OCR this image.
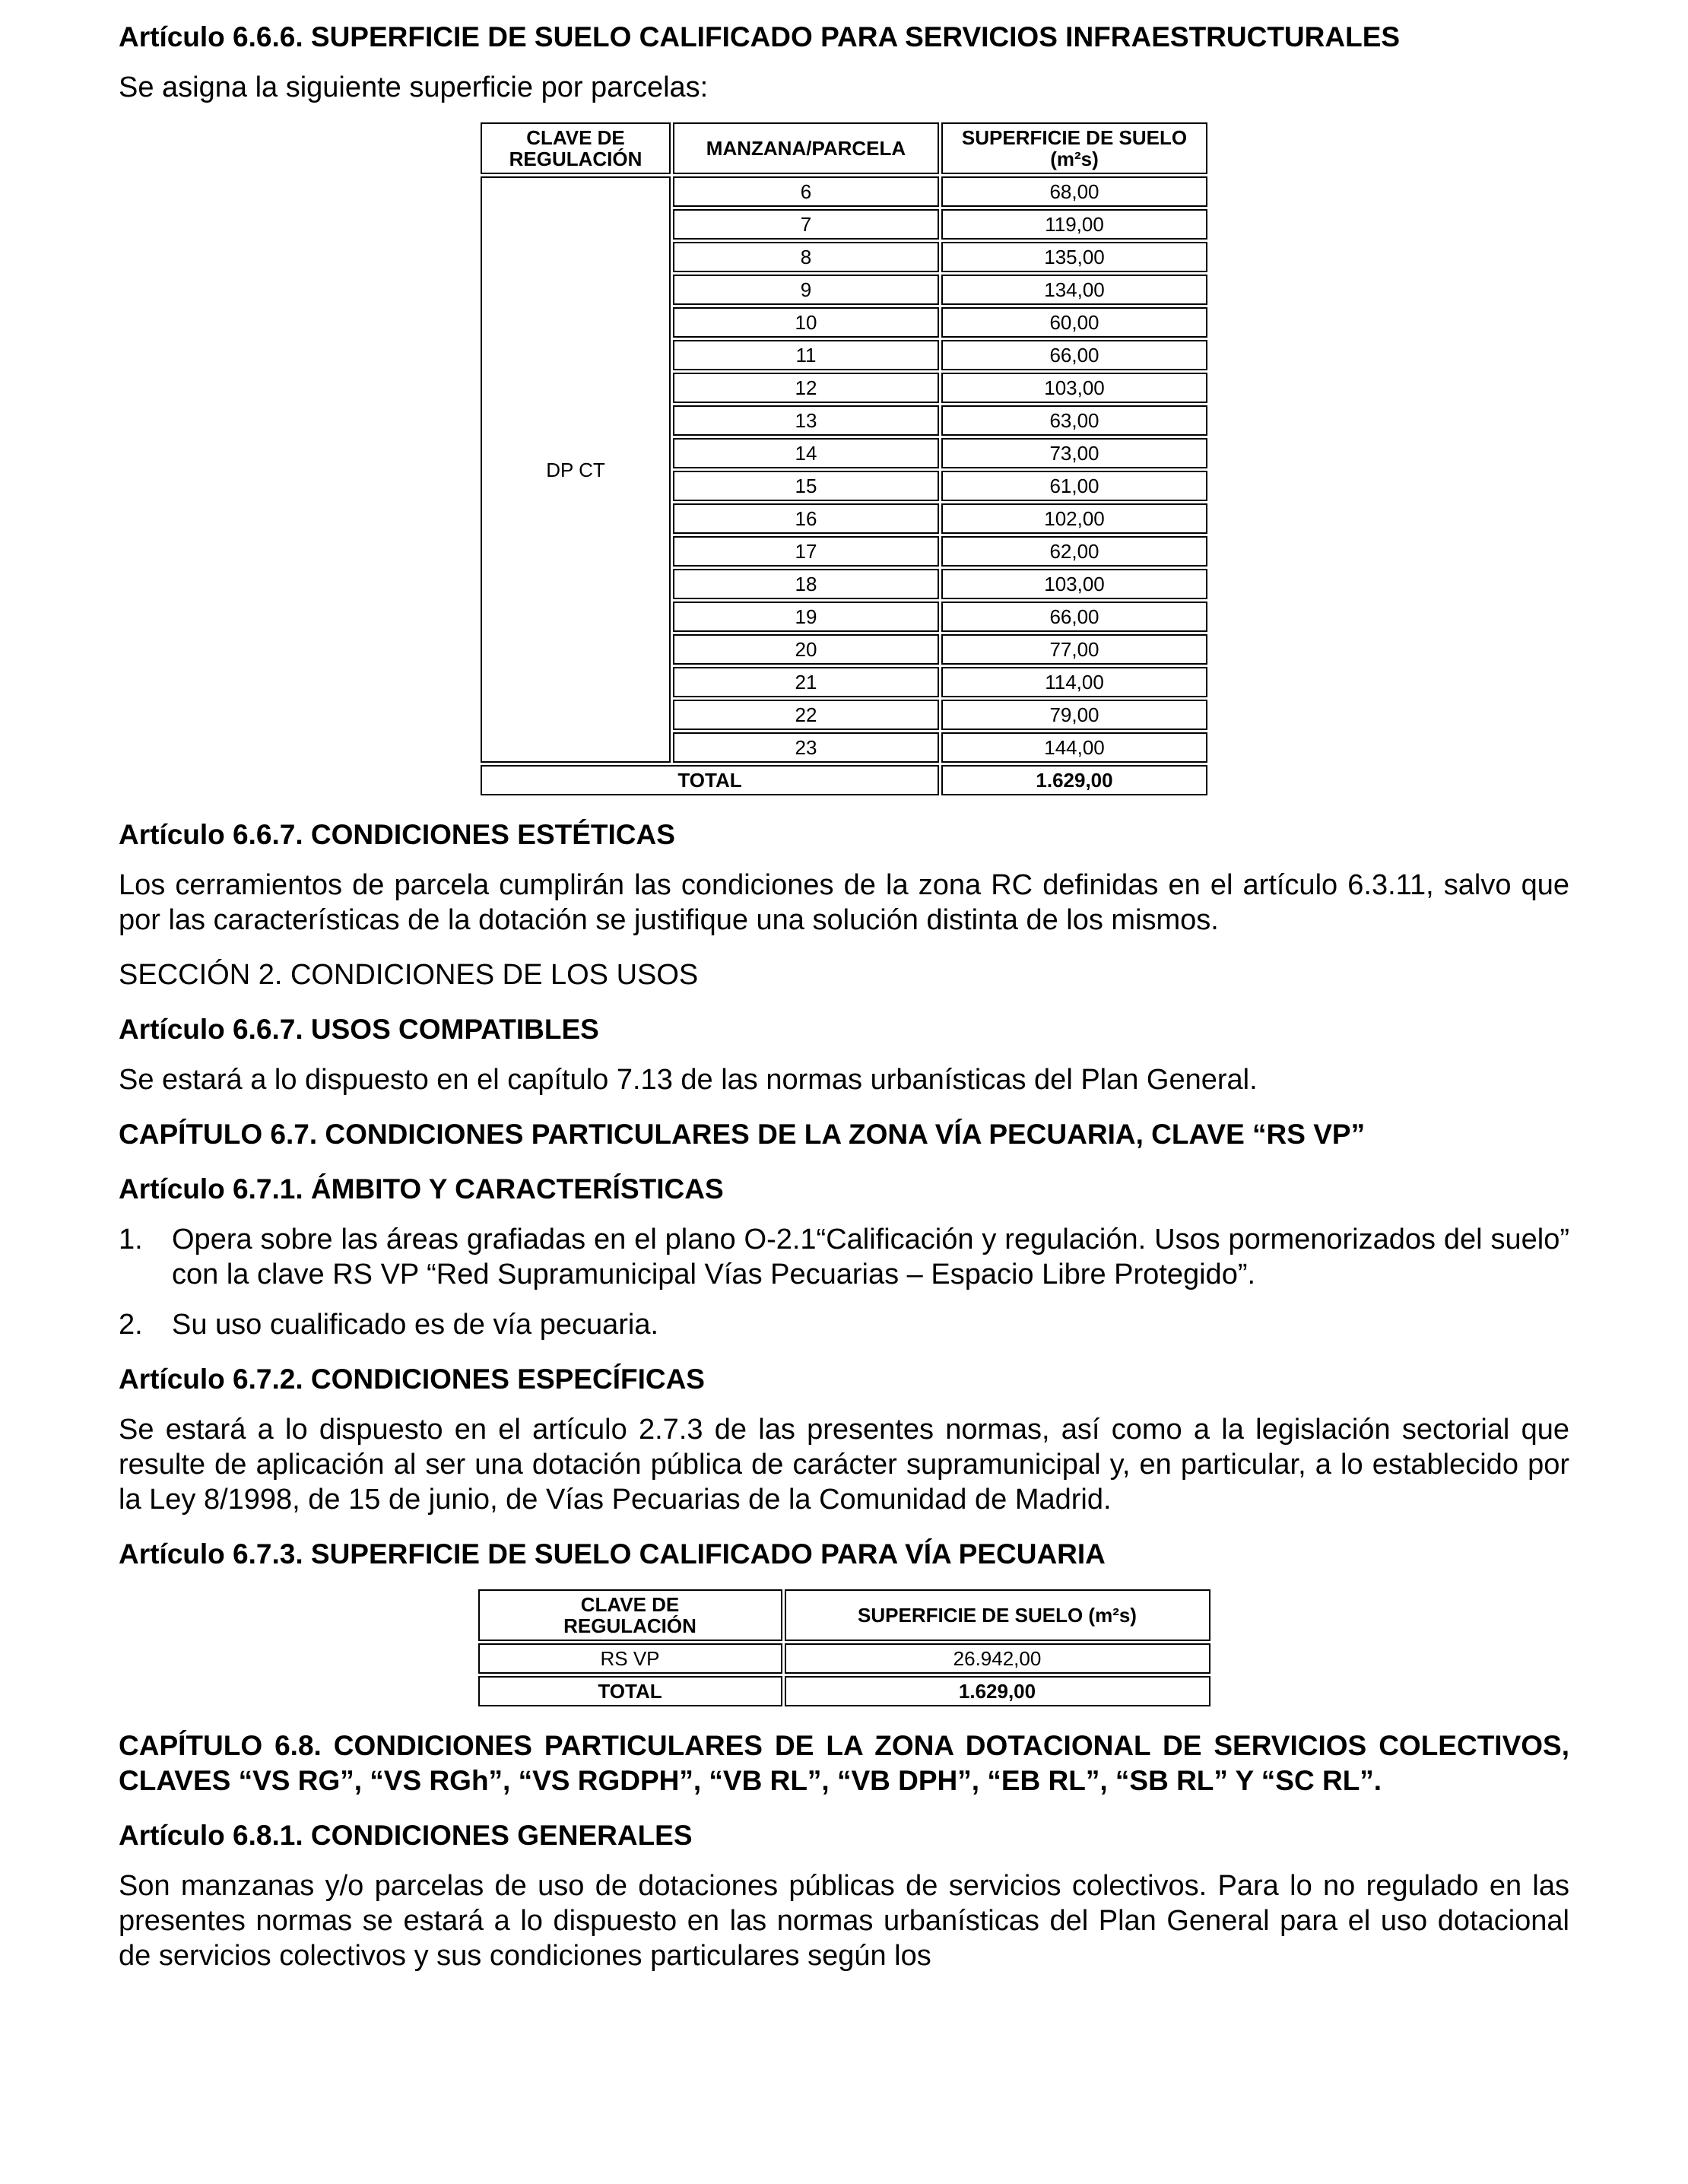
Artículo 6.6.6. SUPERFICIE DE SUELO CALIFICADO PARA SERVICIOS INFRAESTRUCTURALES

Se asigna la siguiente superficie por parcelas:

CLAVE DE REGULACIÓN	MANZANA/PARCELA	SUPERFICIE DE SUELO (m²s)
DP CT	6	68,00
	7	119,00
	8	135,00
	9	134,00
	10	60,00
	11	66,00
	12	103,00
	13	63,00
	14	73,00
	15	61,00
	16	102,00
	17	62,00
	18	103,00
	19	66,00
	20	77,00
	21	114,00
	22	79,00
	23	144,00
TOTAL		1.629,00
Artículo 6.6.7. CONDICIONES ESTÉTICAS

Los cerramientos de parcela cumplirán las condiciones de la zona RC definidas en el artículo 6.3.11, salvo que por las características de la dotación se justifique una solución distinta de los mismos.

SECCIÓN 2. CONDICIONES DE LOS USOS
Artículo 6.6.7. USOS COMPATIBLES

Se estará a lo dispuesto en el capítulo 7.13 de las normas urbanísticas del Plan General.

CAPÍTULO 6.7. CONDICIONES PARTICULARES DE LA ZONA VÍA PECUARIA, CLAVE “RS VP”
Artículo 6.7.1. ÁMBITO Y CARACTERÍSTICAS
1.	Opera sobre las áreas grafiadas en el plano O-2.1“Calificación y regulación. Usos pormenorizados del suelo” con la clave RS VP “Red Supramunicipal Vías Pecuarias – Espacio Libre Protegido”.
2.	Su uso cualificado es de vía pecuaria.
Artículo 6.7.2. CONDICIONES ESPECÍFICAS

Se estará a lo dispuesto en el artículo 2.7.3 de las presentes normas, así como a la legislación sectorial que resulte de aplicación al ser una dotación pública de carácter supramunicipal y, en particular, a lo establecido por la Ley 8/1998, de 15 de junio, de Vías Pecuarias de la Comunidad de Madrid.

Artículo 6.7.3. SUPERFICIE DE SUELO CALIFICADO PARA VÍA PECUARIA
CLAVE DE REGULACIÓN	SUPERFICIE DE SUELO (m²s)
RS VP	26.942,00
TOTAL	1.629,00
CAPÍTULO 6.8. CONDICIONES PARTICULARES DE LA ZONA DOTACIONAL DE SERVICIOS COLECTIVOS, CLAVES “VS RG”, “VS RGh”, “VS RGDPH”, “VB RL”, “VB DPH”, “EB RL”, “SB RL” Y “SC RL”.
Artículo 6.8.1. CONDICIONES GENERALES

Son manzanas y/o parcelas de uso de dotaciones públicas de servicios colectivos. Para lo no regulado en las presentes normas se estará a lo dispuesto en las normas urbanísticas del Plan General para el uso dotacional de servicios colectivos y sus condiciones particulares según los
